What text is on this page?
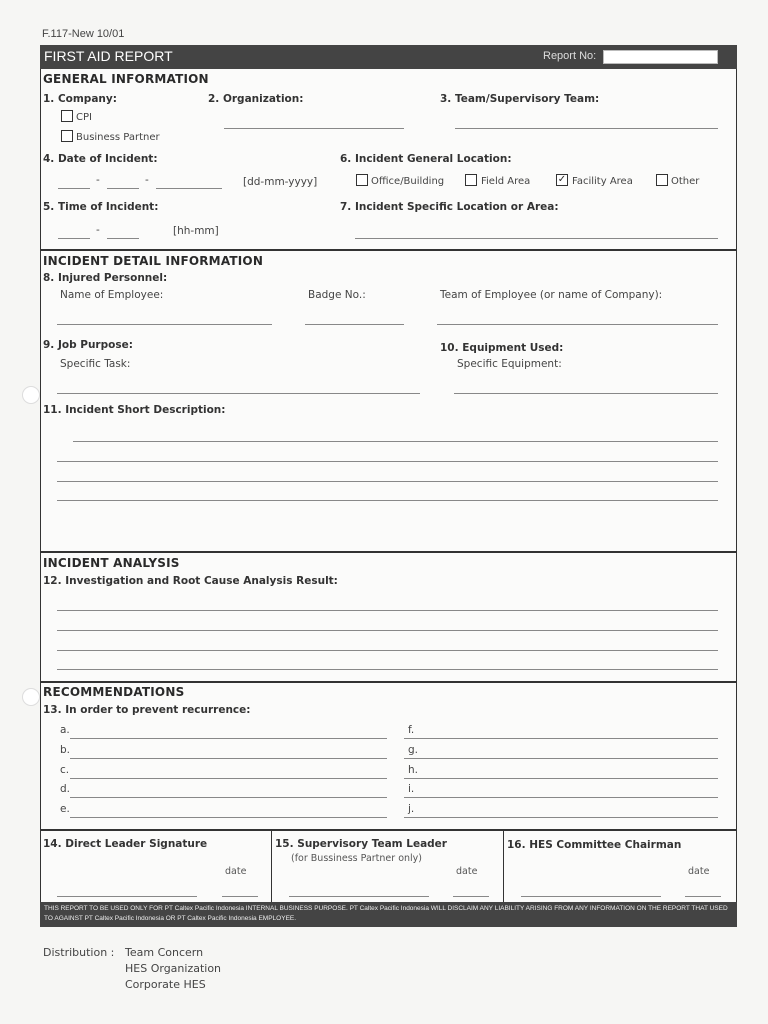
F.117-New 10/01
FIRST AID REPORT	Report No:
GENERAL INFORMATION
1. Company:
CPI
Business Partner
2. Organization:	3. Team/Supervisory Team:
4. Date of Incident:
-	-	[dd-mm-yyyy]
6. Incident General Location:
Office/Building	Field Area	✓ Facility Area	Other
5. Time of Incident:
-	[hh-mm]
7. Incident Specific Location or Area:
INCIDENT DETAIL INFORMATION
8. Injured Personnel:
Name of Employee:	Badge No.:	Team of Employee (or name of Company):
9. Job Purpose:
Specific Task:
10. Equipment Used:
Specific Equipment:
11. Incident Short Description:
INCIDENT ANALYSIS
12. Investigation and Root Cause Analysis Result:
RECOMMENDATIONS
13. In order to prevent recurrence:
a.
b.
c.
d.
e.
f.
g.
h.
i.
j.
14. Direct Leader Signature
date
15. Supervisory Team Leader
(for Bussiness Partner only)
date
16. HES Committee Chairman
date
THIS REPORT TO BE USED ONLY FOR PT Caltex Pacific Indonesia INTERNAL BUSINESS PURPOSE. PT Caltex Pacific Indonesia WILL DISCLAIM ANY LIABILITY ARISING FROM ANY INFORMATION ON THE REPORT THAT USED TO AGAINST PT Caltex Pacific Indonesia OR PT Caltex Pacific Indonesia EMPLOYEE.
Distribution : Team Concern
HES Organization
Corporate HES
